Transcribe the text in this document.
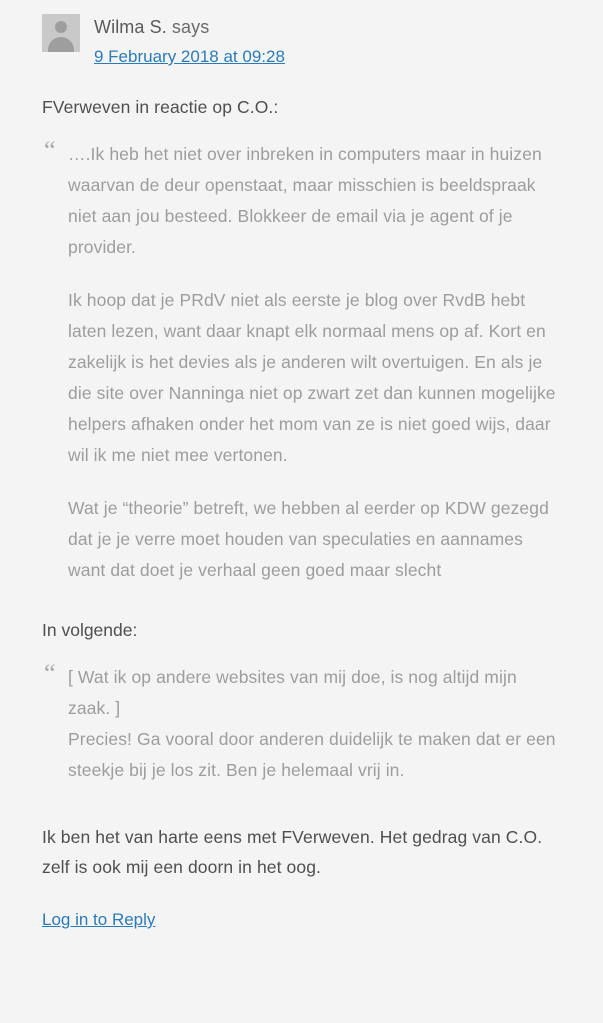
Wilma S. says
9 February 2018 at 09:28

FVerweven in reactie op C.O.:

“ ….Ik heb het niet over inbreken in computers maar in huizen waarvan de deur openstaat, maar misschien is beeldspraak niet aan jou besteed. Blokkeer de email via je agent of je provider.

Ik hoop dat je PRdV niet als eerste je blog over RvdB hebt laten lezen, want daar knapt elk normaal mens op af. Kort en zakelijk is het devies als je anderen wilt overtuigen. En als je die site over Nanninga niet op zwart zet dan kunnen mogelijke helpers afhaken onder het mom van ze is niet goed wijs, daar wil ik me niet mee vertonen.

Wat je “theorie” betreft, we hebben al eerder op KDW gezegd dat je je verre moet houden van speculaties en aannames want dat doet je verhaal geen goed maar slecht

In volgende:

“ [ Wat ik op andere websites van mij doe, is nog altijd mijn zaak. ]

Precies! Ga vooral door anderen duidelijk te maken dat er een steekje bij je los zit. Ben je helemaal vrij in.

Ik ben het van harte eens met FVerweven. Het gedrag van C.O. zelf is ook mij een doorn in het oog.

Log in to Reply
